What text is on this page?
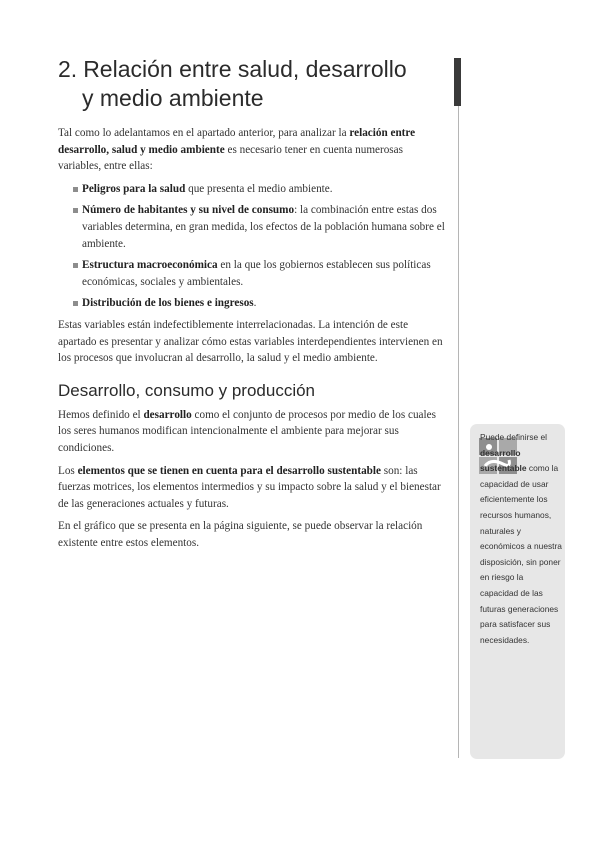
2. Relación entre salud, desarrollo
y medio ambiente

Tal como lo adelantamos en el apartado anterior, para analizar la relación entre desarrollo, salud y medio ambiente es necesario tener en cuenta numerosas variables, entre ellas:

Peligros para la salud que presenta el medio ambiente.
Número de habitantes y su nivel de consumo: la combinación entre estas dos variables determina, en gran medida, los efectos de la población humana sobre el ambiente.
Estructura macroeconómica en la que los gobiernos establecen sus políticas económicas, sociales y ambientales.
Distribución de los bienes e ingresos.

Estas variables están indefectiblemente interrelacionadas. La intención de este apartado es presentar y analizar cómo estas variables interdependientes intervienen en los procesos que involucran al desarrollo, la salud y el medio ambiente.

Desarrollo, consumo y producción

Hemos definido el desarrollo como el conjunto de procesos por medio de los cuales los seres humanos modifican intencionalmente el ambiente para mejorar sus condiciones.

Los elementos que se tienen en cuenta para el desarrollo sustentable son: las fuerzas motrices, los elementos intermedios y su impacto sobre la salud y el bienestar de las generaciones actuales y futuras.

En el gráfico que se presenta en la página siguiente, se puede observar la relación existente entre estos elementos.

Puede definirse el
desarrollo sustentable como la capacidad de usar eficientemente los recursos humanos, naturales y económicos a nuestra disposición, sin poner en riesgo la capacidad de las futuras generaciones para satisfacer sus necesidades.
